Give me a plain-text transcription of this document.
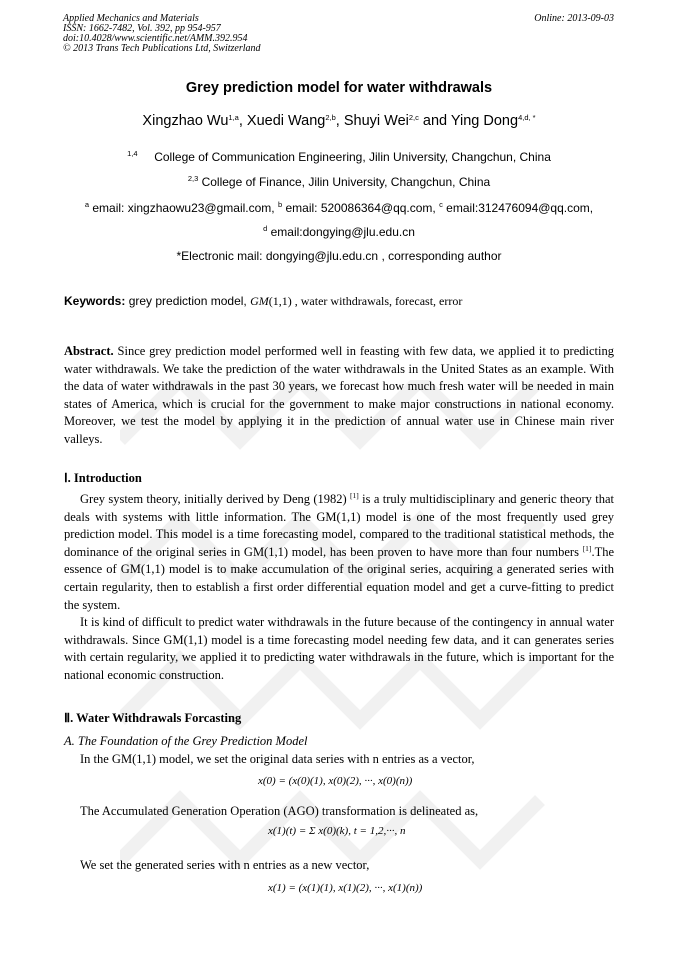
Applied Mechanics and Materials
ISSN: 1662-7482, Vol. 392, pp 954-957
doi:10.4028/www.scientific.net/AMM.392.954
© 2013 Trans Tech Publications Ltd, Switzerland
Online: 2013-09-03
Grey prediction model for water withdrawals
Xingzhao Wu$^{1,a}$, Xuedi Wang$^{2,b}$, Shuyi Wei$^{2,c}$ and Ying Dong$^{4,d, *}$
$^{1,4}$ College of Communication Engineering, Jilin University, Changchun, China
$^{2,3}$ College of Finance, Jilin University, Changchun, China
$^a$ email: xingzhaowu23@gmail.com, $^b$ email: 520086364@qq.com, $^c$ email:312476094@qq.com,
$^d$ email:dongying@jlu.edu.cn
*Electronic mail: dongying@jlu.edu.cn , corresponding author
Keywords: grey prediction model, GM(1,1) , water withdrawals, forecast, error
Abstract. Since grey prediction model performed well in feasting with few data, we applied it to predicting water withdrawals. We take the prediction of the water withdrawals in the United States as an example. With the data of water withdrawals in the past 30 years, we forecast how much fresh water will be needed in main states of America, which is crucial for the government to make major constructions in national economy. Moreover, we test the model by applying it in the prediction of annual water use in Chinese main river valleys.
Ⅰ. Introduction
Grey system theory, initially derived by Deng (1982) [1] is a truly multidisciplinary and generic theory that deals with systems with little information. The GM(1,1) model is one of the most frequently used grey prediction model. This model is a time forecasting model, compared to the traditional statistical methods, the dominance of the original series in GM(1,1) model, has been proven to have more than four numbers [1].The essence of GM(1,1) model is to make accumulation of the original series, acquiring a generated series with certain regularity, then to establish a first order differential equation model and get a curve-fitting to predict the system.
It is kind of difficult to predict water withdrawals in the future because of the contingency in annual water withdrawals. Since GM(1,1) model is a time forecasting model needing few data, and it can generates series with certain regularity, we applied it to predicting water withdrawals in the future, which is important for the national economic construction.
Ⅱ. Water Withdrawals Forcasting
A. The Foundation of the Grey Prediction Model
In the GM(1,1) model, we set the original data series with n entries as a vector,
x(0) = (x(0)(1), x(0)(2), ···, x(0)(n))
The Accumulated Generation Operation (AGO) transformation is delineated as,
x(1)(t) = Σ x(0)(k), t = 1,2,···, n
We set the generated series with n entries as a new vector,
x(1) = (x(1)(1), x(1)(2), ···, x(1)(n))
